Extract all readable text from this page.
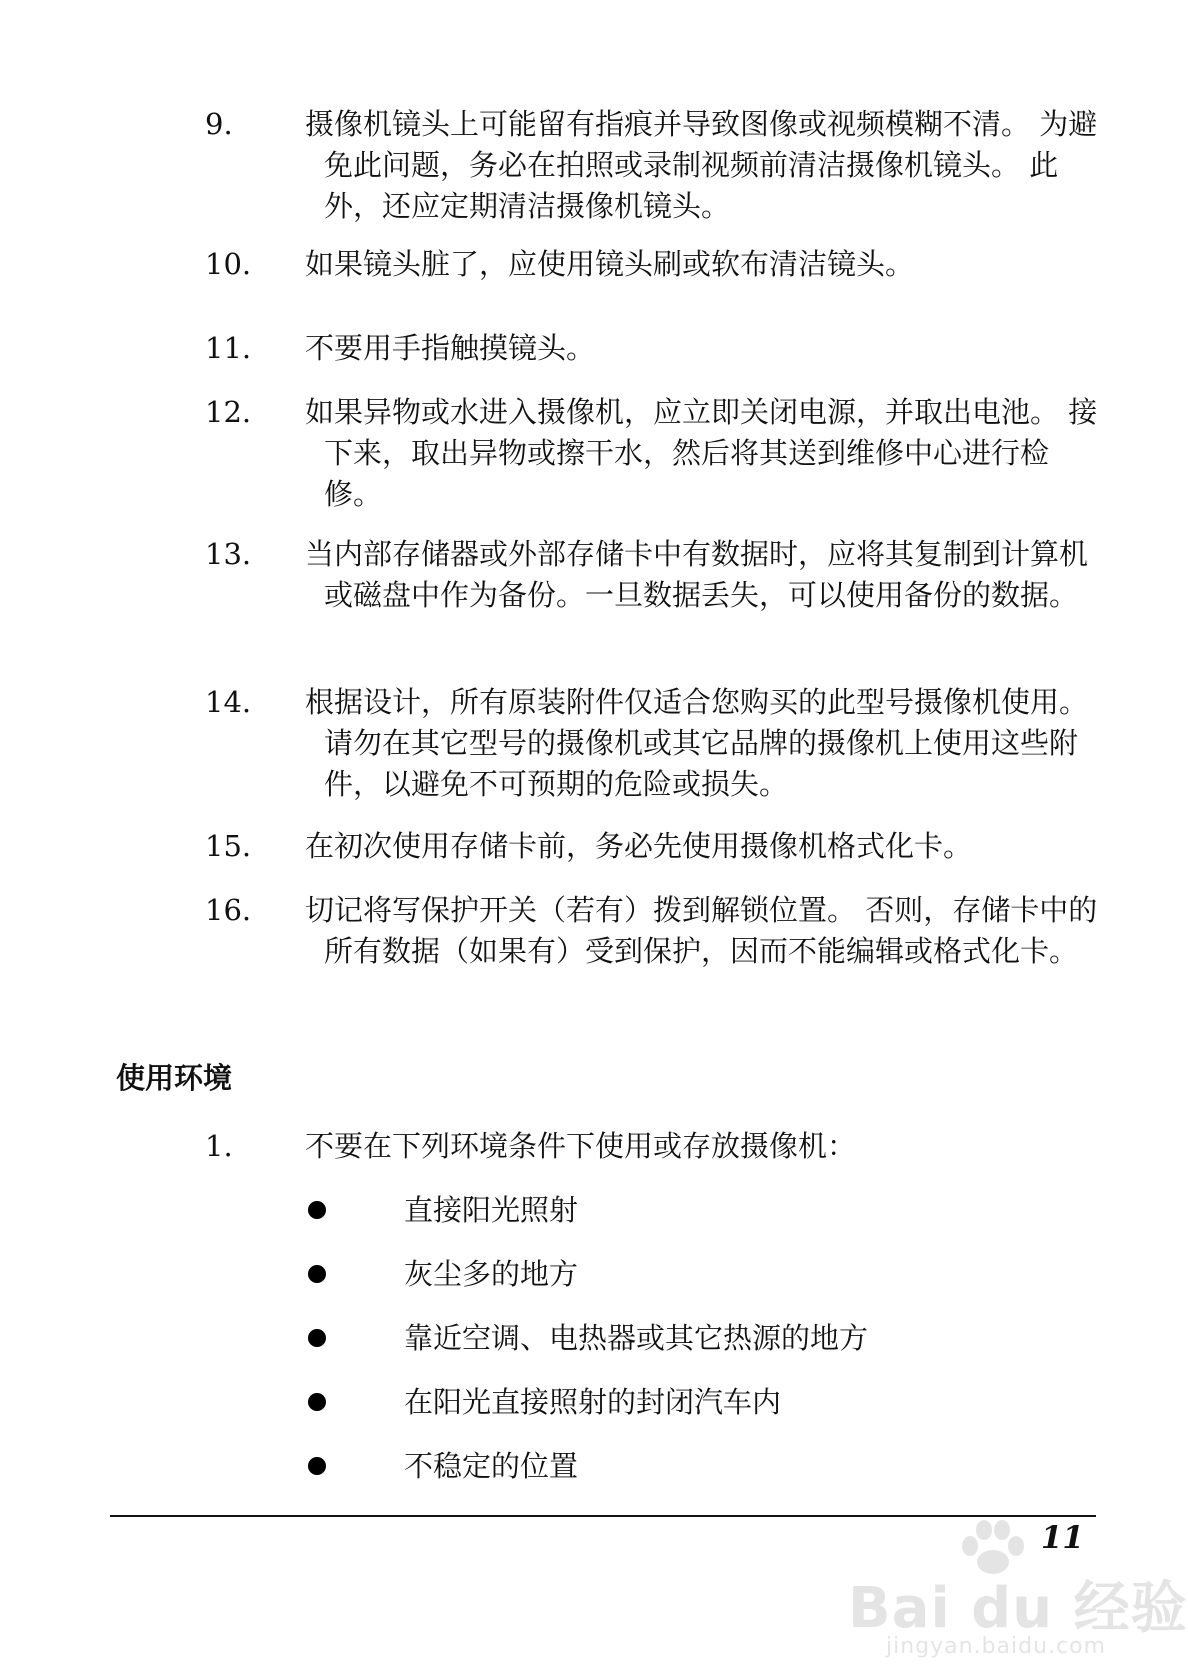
9.	摄像机镜头上可能留有指痕并导致图像或视频模糊不清。 为避免此问题，务必在拍照或录制视频前清洁摄像机镜头。 此外，还应定期清洁摄像机镜头。
10.	如果镜头脏了，应使用镜头刷或软布清洁镜头。
11.	不要用手指触摸镜头。
12.	如果异物或水进入摄像机，应立即关闭电源，并取出电池。 接下来，取出异物或擦干水，然后将其送到维修中心进行检修。
13.	当内部存储器或外部存储卡中有数据时，应将其复制到计算机或磁盘中作为备份。一旦数据丢失，可以使用备份的数据。
14.	根据设计，所有原装附件仅适合您购买的此型号摄像机使用。 请勿在其它型号的摄像机或其它品牌的摄像机上使用这些附件，以避免不可预期的危险或损失。
15.	在初次使用存储卡前，务必先使用摄像机格式化卡。
16.	切记将写保护开关（若有）拨到解锁位置。 否则，存储卡中的所有数据（如果有）受到保护，因而不能编辑或格式化卡。
使用环境
1.	不要在下列环境条件下使用或存放摄像机：
直接阳光照射
灰尘多的地方
靠近空调、电热器或其它热源的地方
在阳光直接照射的封闭汽车内
不稳定的位置
11
Bai du 经验
jingyan.baidu.com
